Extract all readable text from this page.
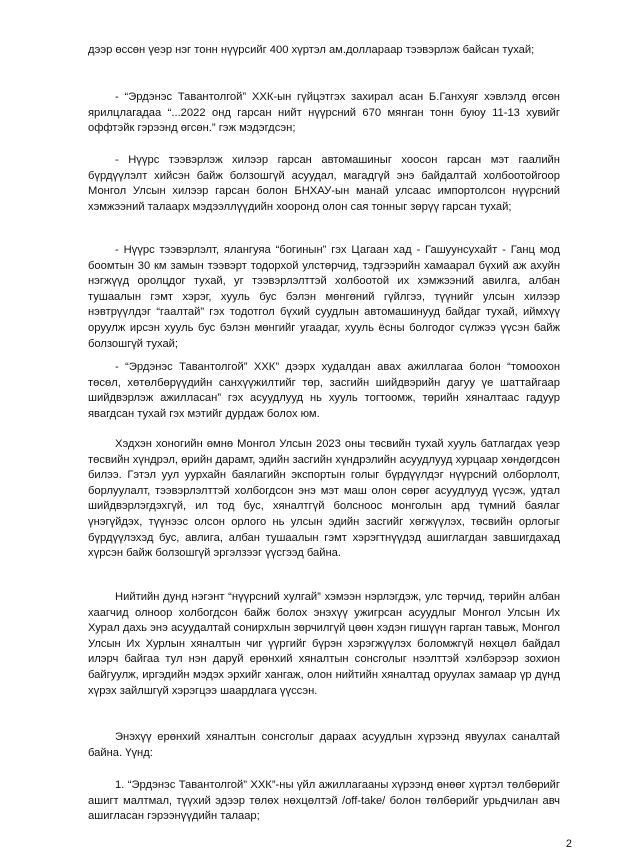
дээр өссөн үеэр нэг тонн нүүрсийг 400 хүртэл ам.доллараар тээвэрлэж байсан тухай;

- “Эрдэнэс Тавантолгой” ХХК-ын гүйцэтгэх захирал асан Б.Ганхуяг хэвлэлд өгсөн ярилцлагадаа “...2022 онд гарсан нийт нүүрсний 670 мянган тонн буюу 11-13 хувийг оффтэйк гэрээнд өгсөн.” гэж мэдэгдсэн;

- Нүүрс тээвэрлэж хилээр гарсан автомашиныг хоосон гарсан мэт гаалийн бүрдүүлэлт хийсэн байж болзошгүй асуудал, магадгүй энэ байдалтай холбоотойгоор Монгол Улсын хилээр гарсан болон БНХАУ-ын манай улсаас импортолсон нүүрсний хэмжээний талаарх мэдээллүүдийн хооронд олон сая тонныг зөрүү гарсан тухай;

- Нүүрс тээвэрлэлт, ялангуяа “богинын” гэх Цагаан хад - Гашуунсухайт - Ганц мод боомтын 30 км замын тээвэрт тодорхой улстөрчид, тэдгээрийн хамаарал бүхий аж ахуйн нэгжүүд оролцдог тухай, уг тээвэрлэлттэй холбоотой их хэмжээний авилга, албан тушаалын гэмт хэрэг, хууль бус бэлэн мөнгөний гүйлгээ, түүнийг улсын хилээр нэвтрүүлдэг “гаалтай” гэх тодотгол бүхий суудлын автомашинууд байдаг тухай, иймхүү оруулж ирсэн хууль бус бэлэн мөнгийг угаадаг, хууль ёсны болгодог сүлжээ үүсэн байж болзошгүй тухай;

- “Эрдэнэс Тавантолгой” ХХК” дээрх худалдан авах ажиллагаа болон “томоохон төсөл, хөтөлбөрүүдийн санхүүжилтийг төр, засгийн шийдвэрийн дагуу үе шаттайгаар шийдвэрлэж ажилласан” гэх асуудлууд нь хууль тогтоомж, төрийн хяналтаас гадуур явагдсан тухай гэх мэтийг дурдаж болох юм.

Хэдхэн хоногийн өмнө Монгол Улсын 2023 оны төсвийн тухай хууль батлагдах үеэр төсвийн хүндрэл, өрийн дарамт, эдийн засгийн хүндрэлийн асуудлууд хурцаар хөндөгдсөн билээ. Гэтэл уул уурхайн баялагийн экспортын голыг бүрдүүлдэг нүүрсний олборлолт, борлуулалт, тээвэрлэлттэй холбогдсон энэ мэт маш олон сөрөг асуудлууд үүсэж, удтал шийдвэрлэгдэхгүй, ил тод бус, хяналтгүй болсноос монголын ард түмний баялаг үнэгүйдэх, түүнээс олсон орлого нь улсын эдийн засгийг хөгжүүлэх, төсвийн орлогыг бүрдүүлэхэд бус, авлига, албан тушаалын гэмт хэрэгтнүүдэд ашиглагдан завшигдахад хүрсэн байж болзошгүй эргэлзээг үүсгээд байна.

Нийтийн дунд нэгэнт “нүүрсний хулгай” хэмээн нэрлэгдэж, улс төрчид, төрийн албан хаагчид олноор холбогдсон байж болох энэхүү ужигрсан асуудлыг Монгол Улсын Их Хурал дахь энэ асуудалтай сонирхлын зөрчилгүй цөөн хэдэн гишүүн гарган тавьж, Монгол Улсын Их Хурлын хяналтын чиг үүргийг бүрэн хэрэгжүүлэх боломжгүй нөхцөл байдал илэрч байгаа тул нэн даруй ерөнхий хяналтын сонсголыг нээлттэй хэлбэрээр зохион байгуулж, иргэдийн мэдэх эрхийг хангаж, олон нийтийн хяналтад оруулах замаар үр дүнд хүрэх зайлшгүй хэрэгцээ шаардлага үүссэн.

Энэхүү ерөнхий хяналтын сонсголыг дараах асуудлын хүрээнд явуулах саналтай байна. Үүнд:

1. “Эрдэнэс Тавантолгой” ХХК”-ны үйл ажиллагааны хүрээнд өнөөг хүртэл төлбөрийг ашигт малтмал, түүхий эдээр төлөх нөхцөлтэй /off-take/ болон төлбөрийг урьдчилан авч ашигласан гэрээнүүдийн талаар;

2
